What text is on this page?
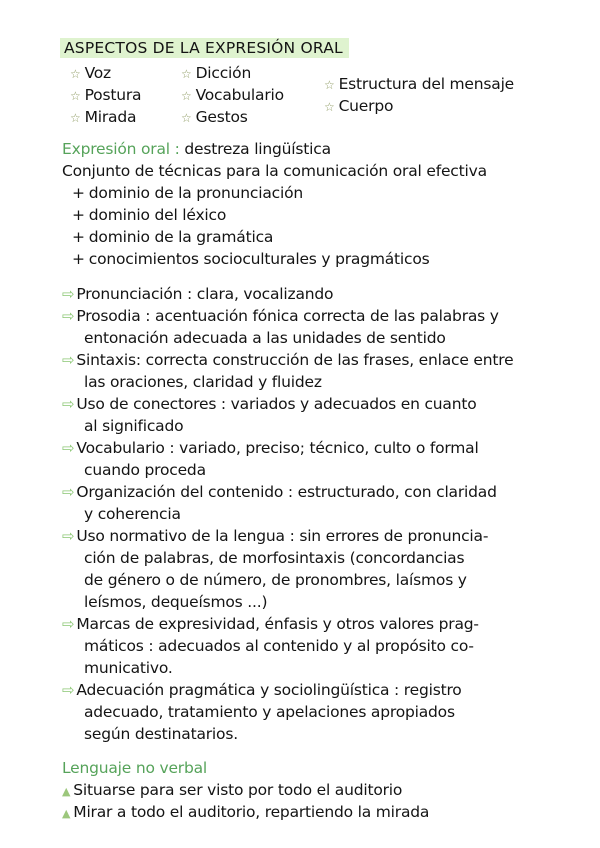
ASPECTOS DE LA EXPRESIÓN ORAL
☆ Voz
☆ Postura
☆ Mirada
☆ Dicción
☆ Vocabulario
☆ Gestos
☆ Estructura del mensaje
☆ Cuerpo
Expresión oral : destreza lingüística
Conjunto de técnicas para la comunicación oral efectiva
+ dominio de la pronunciación
+ dominio del léxico
+ dominio de la gramática
+ conocimientos socioculturales y pragmáticos
⇨ Pronunciación : clara, vocalizando
⇨ Prosodia : acentuación fónica correcta de las palabras y
entonación adecuada a las unidades de sentido
⇨ Sintaxis: correcta construcción de las frases, enlace entre
las oraciones, claridad y fluidez
⇨ Uso de conectores : variados y adecuados en cuanto
al significado
⇨ Vocabulario : variado, preciso; técnico, culto o formal
cuando proceda
⇨ Organización del contenido : estructurado, con claridad
y coherencia
⇨ Uso normativo de la lengua : sin errores de pronuncia-
ción de palabras, de morfosintaxis (concordancias
de género o de número, de pronombres, laísmos y
leísmos, dequeísmos ...)
⇨ Marcas de expresividad, énfasis y otros valores prag-
máticos : adecuados al contenido y al propósito co-
municativo.
⇨ Adecuación pragmática y sociolingüística : registro
adecuado, tratamiento y apelaciones apropiados
según destinatarios.
Lenguaje no verbal
▲ Situarse para ser visto por todo el auditorio
▲ Mirar a todo el auditorio, repartiendo la mirada
